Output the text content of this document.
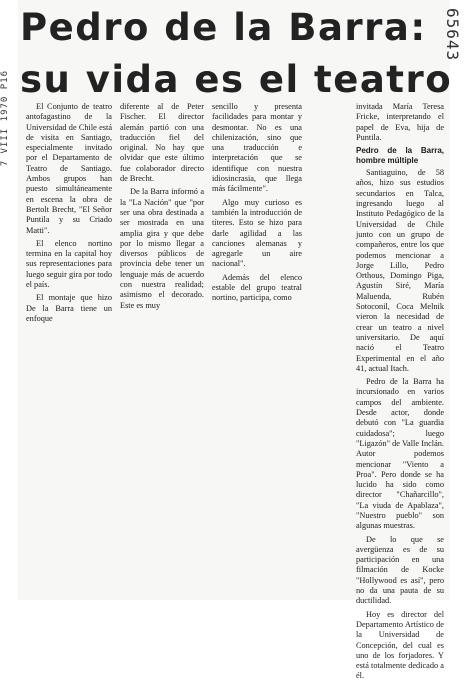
7 VIII 1970 P16
65643
Pedro de la Barra:
su vida es el teatro

El Conjunto de teatro antofagastino de la Universidad de Chile está de visita en Santiago, especialmente invitado por el Departamento de Teatro de Santiago. Ambos grupos han puesto simultáneamente en escena la obra de Bertolt Brecht, "El Señor Puntila y su Criado Matti".

El elenco nortino termina en la capital hoy sus representaciones para luego seguir gira por todo el país.

El montaje que hizo De la Barra tiene un enfoque

diferente al de Peter Fischer. El director alemán partió con una traducción fiel del original. No hay que olvidar que este último fue colaborador directo de Brecht.

De la Barra informó a la "La Nación" que "por ser una obra destinada a ser mostrada en una amplia gira y que debe por lo mismo llegar a diversos públicos de provincia debe tener un lenguaje más de acuerdo con nuestra realidad; asimismo el decorado. Este es muy

sencillo y presenta facilidades para montar y desmontar. No es una chilenización, sino que una traducción e interpretación que se identifique con nuestra idiosincrasia, que llega más fácilmente".

Algo muy curioso es también la introducción de títeres. Esto se hizo para darle agilidad a las canciones alemanas y agregarle un aire nacional".

Además del elenco estable del grupo teatral nortino, participa, como

invitada María Teresa Fricke, interpretando el papel de Eva, hija de Puntila.

Pedro de la Barra, hombre múltiple

Santiaguino, de 58 años, hizo sus estudios secundarios en Talca, ingresando luego al Instituto Pedagógico de la Universidad de Chile junto con un grupo de compañeros, entre los que podemos mencionar a Jorge Lillo, Pedro Orthous, Domingo Piga, Agustín Siré, María Maluenda, Rubén Sotoconil, Coca Melnik vieron la necesidad de crear un teatro a nivel universitario. De aquí nació el Teatro Experimental en el año 41, actual Itach.

Pedro de la Barra ha incursionado en varios campos del ambiente. Desde actor, donde debutó con "La guardia cuidadosa"; luego "Ligazón" de Valle Inclán. Autor podemos mencionar "Viento a Proa". Pero donde se ha lucido ha sido como director "Chañarcillo", "La viuda de Apablaza", "Nuestro pueblo" son algunas muestras.

De lo que se avergüenza es de su participación en una filmación de Kocke "Hollywood es así", pero no da una pauta de su ductilidad.

Hoy es director del Departamento Artístico de la Universidad de Concepción, del cual es uno de los forjadores. Y está totalmente dedicado a él.
